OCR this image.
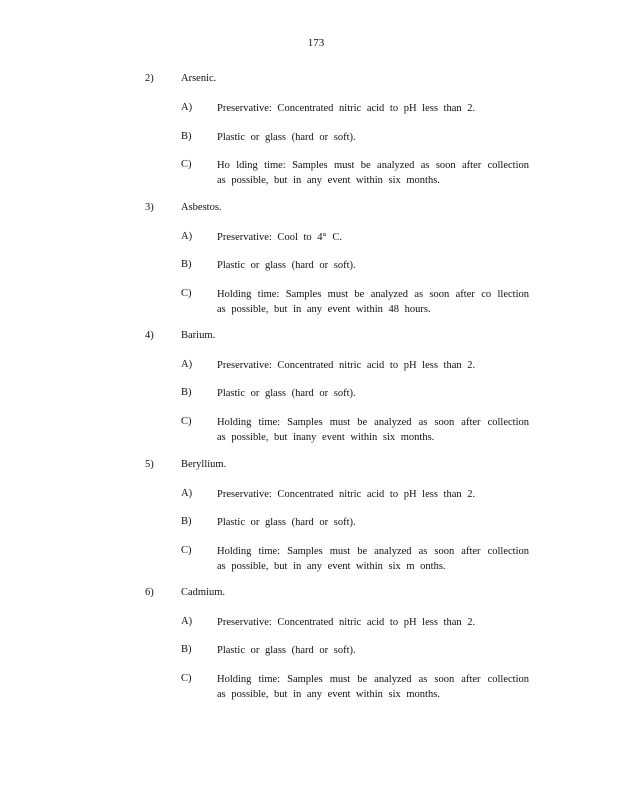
173
2)	Arsenic.
A) Preservative: Concentrated nitric acid to pH less than 2.
B) Plastic or glass (hard or soft).
C) Ho lding time: Samples must be analyzed as soon after collection as possible, but in any event within six months.
3)	Asbestos.
A) Preservative: Cool to 4° C.
B) Plastic or glass (hard or soft).
C) Holding time: Samples must be analyzed as soon after co llection as possible, but in any event within 48 hours.
4)	Barium.
A) Preservative: Concentrated nitric acid to pH less than 2.
B) Plastic or glass (hard or soft).
C) Holding time: Samples must be analyzed as soon after collection as possible, but inany event within six months.
5)	Beryllium.
A) Preservative: Concentrated nitric acid to pH less than 2.
B) Plastic or glass (hard or soft).
C) Holding time: Samples must be analyzed as soon after collection as possible, but in any event within six m onths.
6)	Cadmium.
A) Preservative: Concentrated nitric acid to pH less than 2.
B) Plastic or glass (hard or soft).
C) Holding time: Samples must be analyzed as soon after collection as possible, but in any event within six months.
